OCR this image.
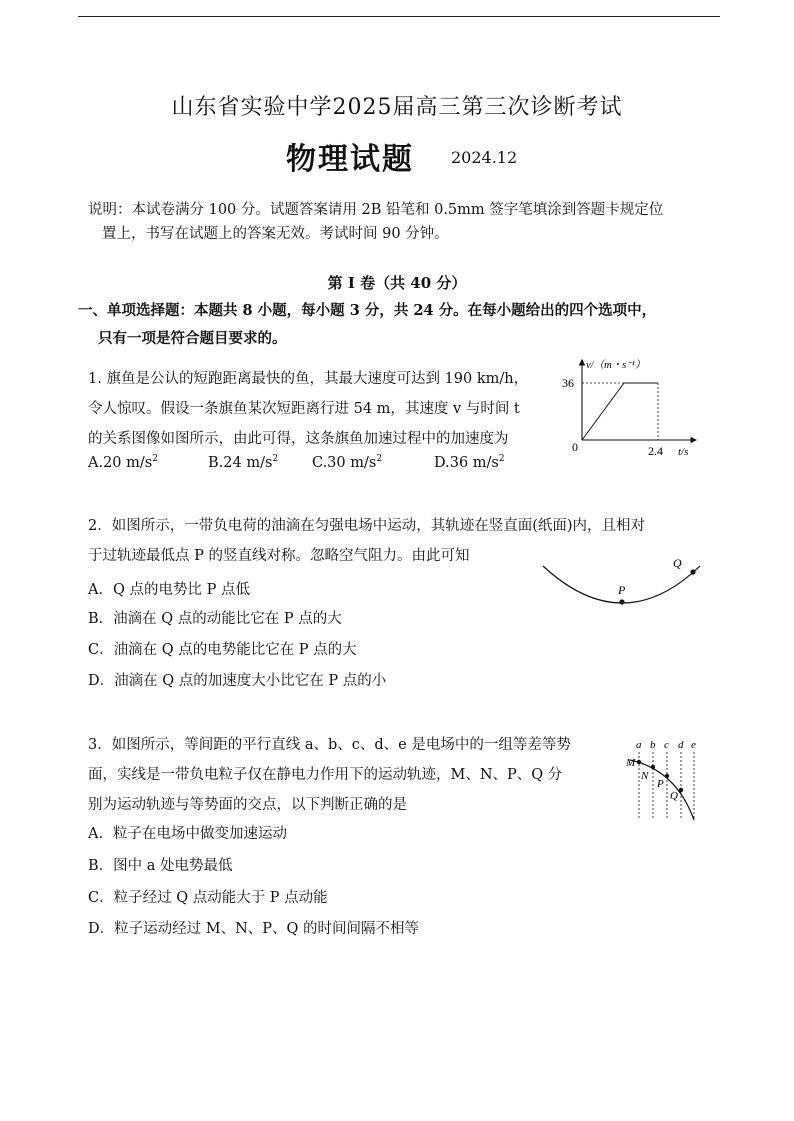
山东省实验中学2025届高三第三次诊断考试
物理试题 2024.12
说明：本试卷满分 100 分。试题答案请用 2B 铅笔和 0.5mm 签字笔填涂到答题卡规定位
置上，书写在试题上的答案无效。考试时间 90 分钟。
第 I 卷（共 40 分）
一、单项选择题：本题共 8 小题，每小题 3 分，共 24 分。在每小题给出的四个选项中，
只有一项是符合题目要求的。
1. 旗鱼是公认的短跑距离最快的鱼，其最大速度可达到 190 km/h，
令人惊叹。假设一条旗鱼某次短距离行进 54 m，其速度 v 与时间 t
的关系图像如图所示，由此可得，这条旗鱼加速过程中的加速度为
A.20 $m/s^2$	B.24 $m/s^2$ C.30 $m/s^2$	D.36 $m/s^2$
v/（m・s⁻¹）
36
0	2.4 t/s
2．如图所示，一带负电荷的油滴在匀强电场中运动，其轨迹在竖直面(纸面)内，且相对
于过轨迹最低点 P 的竖直线对称。忽略空气阻力。由此可知
P
Q
A．Q 点的电势比 P 点低
B．油滴在 Q 点的动能比它在 P 点的大
C．油滴在 Q 点的电势能比它在 P 点的大
D．油滴在 Q 点的加速度大小比它在 P 点的小
3．如图所示，等间距的平行直线 a、b、c、d、e 是电场中的一组等差等势
面，实线是一带负电粒子仅在静电力作用下的运动轨迹，M、N、P、Q 分
别为运动轨迹与等势面的交点，以下判断正确的是
a b c d e
M
N
P
Q
A．粒子在电场中做变加速运动
B．图中 a 处电势最低
C．粒子经过 Q 点动能大于 P 点动能
D．粒子运动经过 M、N、P、Q 的时间间隔不相等
